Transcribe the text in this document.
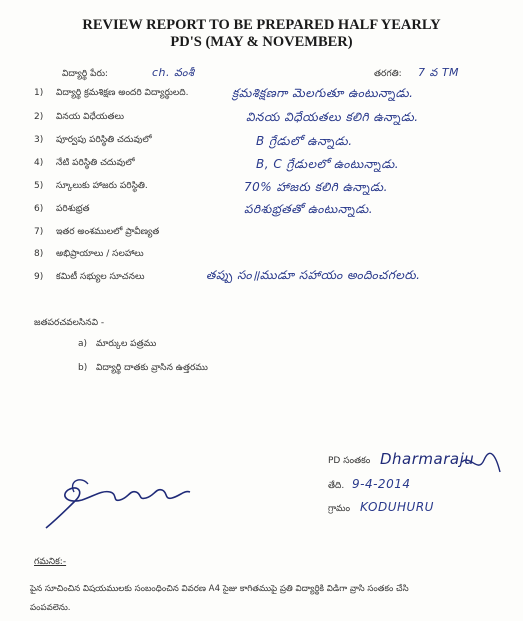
REVIEW REPORT TO BE PREPARED HALF YEARLY
PD'S (MAY & NOVEMBER)
విద్యార్థి పేరు:	ch. వంశీ	తరగతి: 7 వ TM
1) విద్యార్థి క్రమశిక్షణ అందరి విద్యార్థులది.	క్రమశిక్షణగా మెలగుతూ ఉంటున్నాడు.
2) వినయ విధేయతలు	వినయ విధేయతలు కలిగి ఉన్నాడు.
3) పూర్వపు పరిస్థితి చదువులో	B గ్రేడులో ఉన్నాడు.
4) నేటి పరిస్థితి చదువులో	B, C గ్రేడులలో ఉంటున్నాడు.
5) స్కూలుకు హాజరు పరిస్థితి.	70% హాజరు కలిగి ఉన్నాడు.
6) పరిశుభ్రత	పరిశుభ్రతతో ఉంటున్నాడు.
7) ఇతర అంశములలో ప్రావీణ్యత
8) అభిప్రాయాలు / సలహాలు
9) కమిటీ సభ్యుల సూచనలు	తప్పు సం॥ముడూ సహాయం అందించగలరు.
జతపరచవలసినవి -
a) మార్కుల పత్రము
b) విద్యార్థి దాతకు వ్రాసిన ఉత్తరము
PD సంతకం Dharmaraju
తేది. 9-4-2014
గ్రామం KODUHURU
గమనిక:-
పైన సూచించిన విషయములకు సంబంధించిన వివరణ A4 సైజు కాగితముపై ప్రతి విద్యార్థికి విడిగా వ్రాసి సంతకం చేసి
పంపవలెను.
